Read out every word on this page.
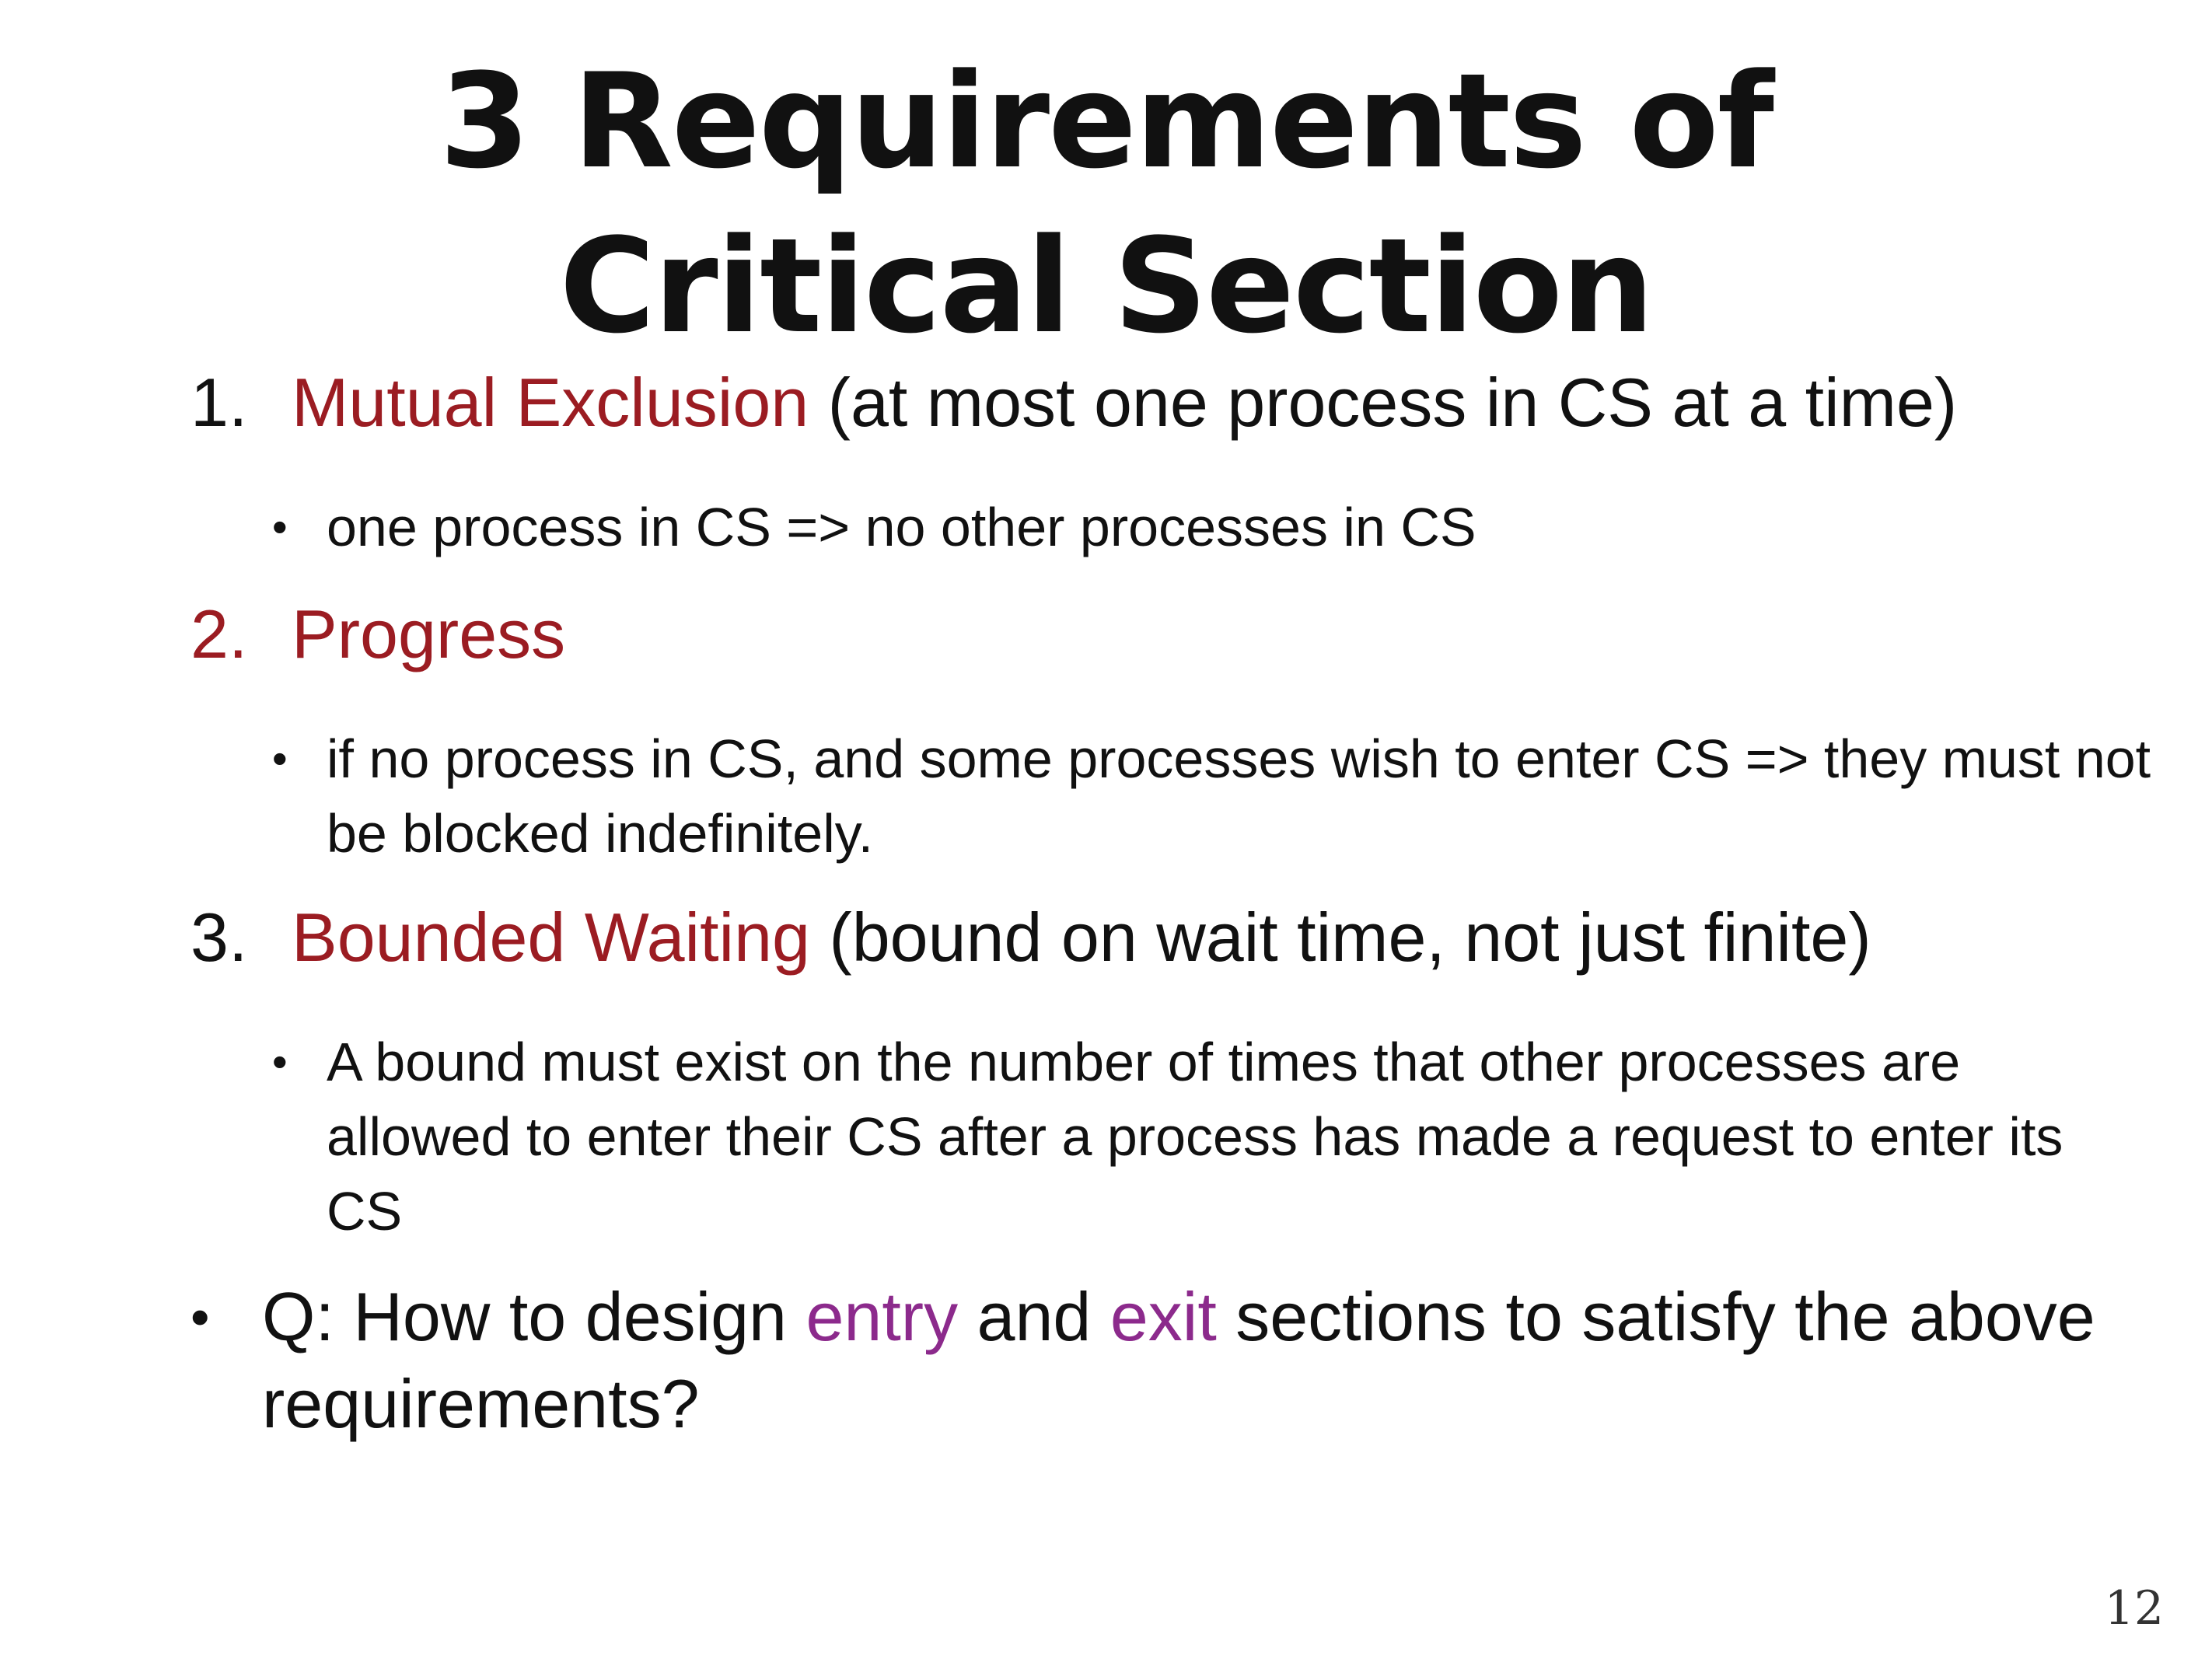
3 Requirements of
Critical Section
1. Mutual Exclusion (at most one process in CS at a time)
• one process in CS => no other processes in CS
2. Progress
• if no process in CS, and some processes wish to enter CS => they must not be blocked indefinitely.
3. Bounded Waiting (bound on wait time, not just finite)
• A bound must exist on the number of times that other processes are allowed to enter their CS after a process has made a request to enter its CS
• Q: How to design entry and exit sections to satisfy the above requirements?
12
